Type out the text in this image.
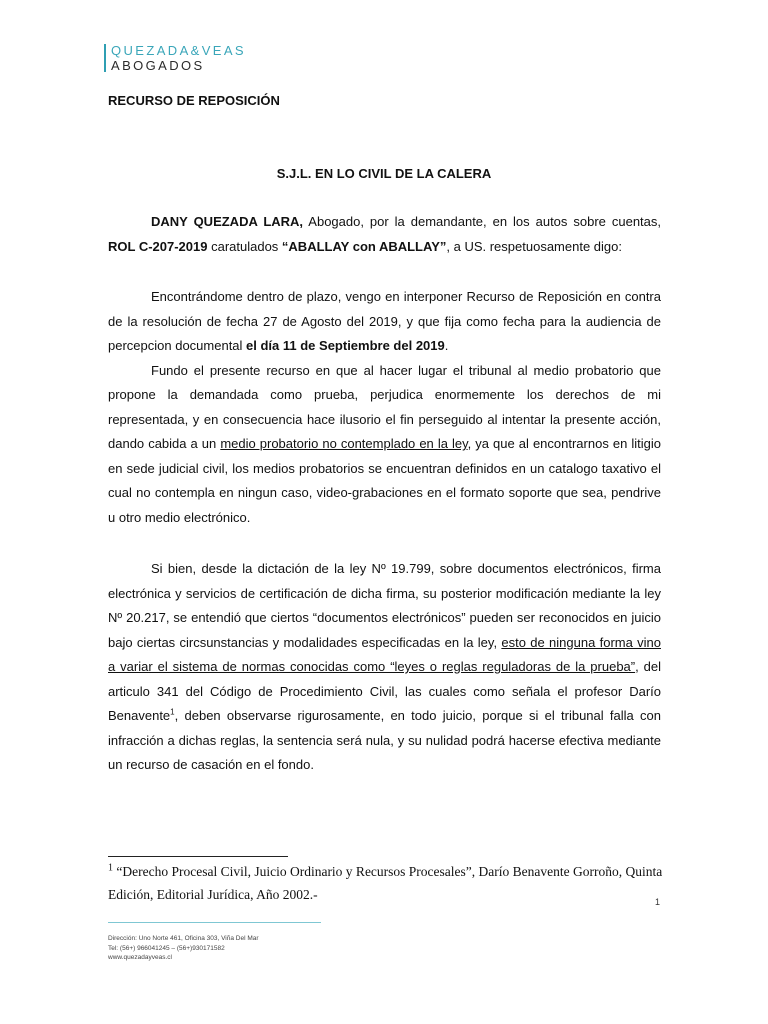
QUEZADA&VEAS
ABOGADOS
RECURSO DE REPOSICIÓN
S.J.L. EN LO CIVIL DE LA CALERA

DANY QUEZADA LARA, Abogado, por la demandante, en los autos sobre cuentas, ROL C-207-2019 caratulados “ABALLAY con ABALLAY”, a US. respetuosamente digo:

Encontrándome dentro de plazo, vengo en interponer Recurso de Reposición en contra de la resolución de fecha 27 de Agosto del 2019, y que fija como fecha para la audiencia de percepcion documental el día 11 de Septiembre del 2019.

Fundo el presente recurso en que al hacer lugar el tribunal al medio probatorio que propone la demandada como prueba, perjudica enormemente los derechos de mi representada, y en consecuencia hace ilusorio el fin perseguido al intentar la presente acción, dando cabida a un medio probatorio no contemplado en la ley, ya que al encontrarnos en litigio en sede judicial civil, los medios probatorios se encuentran definidos en un catalogo taxativo el cual no contempla en ningun caso, video-grabaciones en el formato soporte que sea, pendrive u otro medio electrónico.

Si bien, desde la dictación de la ley Nº 19.799, sobre documentos electrónicos, firma electrónica y servicios de certificación de dicha firma, su posterior modificación mediante la ley Nº 20.217, se entendió que ciertos “documentos electrónicos” pueden ser reconocidos en juicio bajo ciertas circsunstancias y modalidades especificadas en la ley, esto de ninguna forma vino a variar el sistema de normas conocidas como “leyes o reglas reguladoras de la prueba”, del articulo 341 del Código de Procedimiento Civil, las cuales como señala el profesor Darío Benavente$^1$, deben observarse rigurosamente, en todo juicio, porque si el tribunal falla con infracción a dichas reglas, la sentencia será nula, y su nulidad podrá hacerse efectiva mediante un recurso de casación en el fondo.

$^1$ “Derecho Procesal Civil, Juicio Ordinario y Recursos Procesales”, Darío Benavente Gorroño, Quinta Edición, Editorial Jurídica, Año 2002.-	1
Dirección: Uno Norte 461, Oficina 303, Viña Del Mar
Tel: (56+) 966041245 – (56+)930171582
www.quezadayveas.cl
